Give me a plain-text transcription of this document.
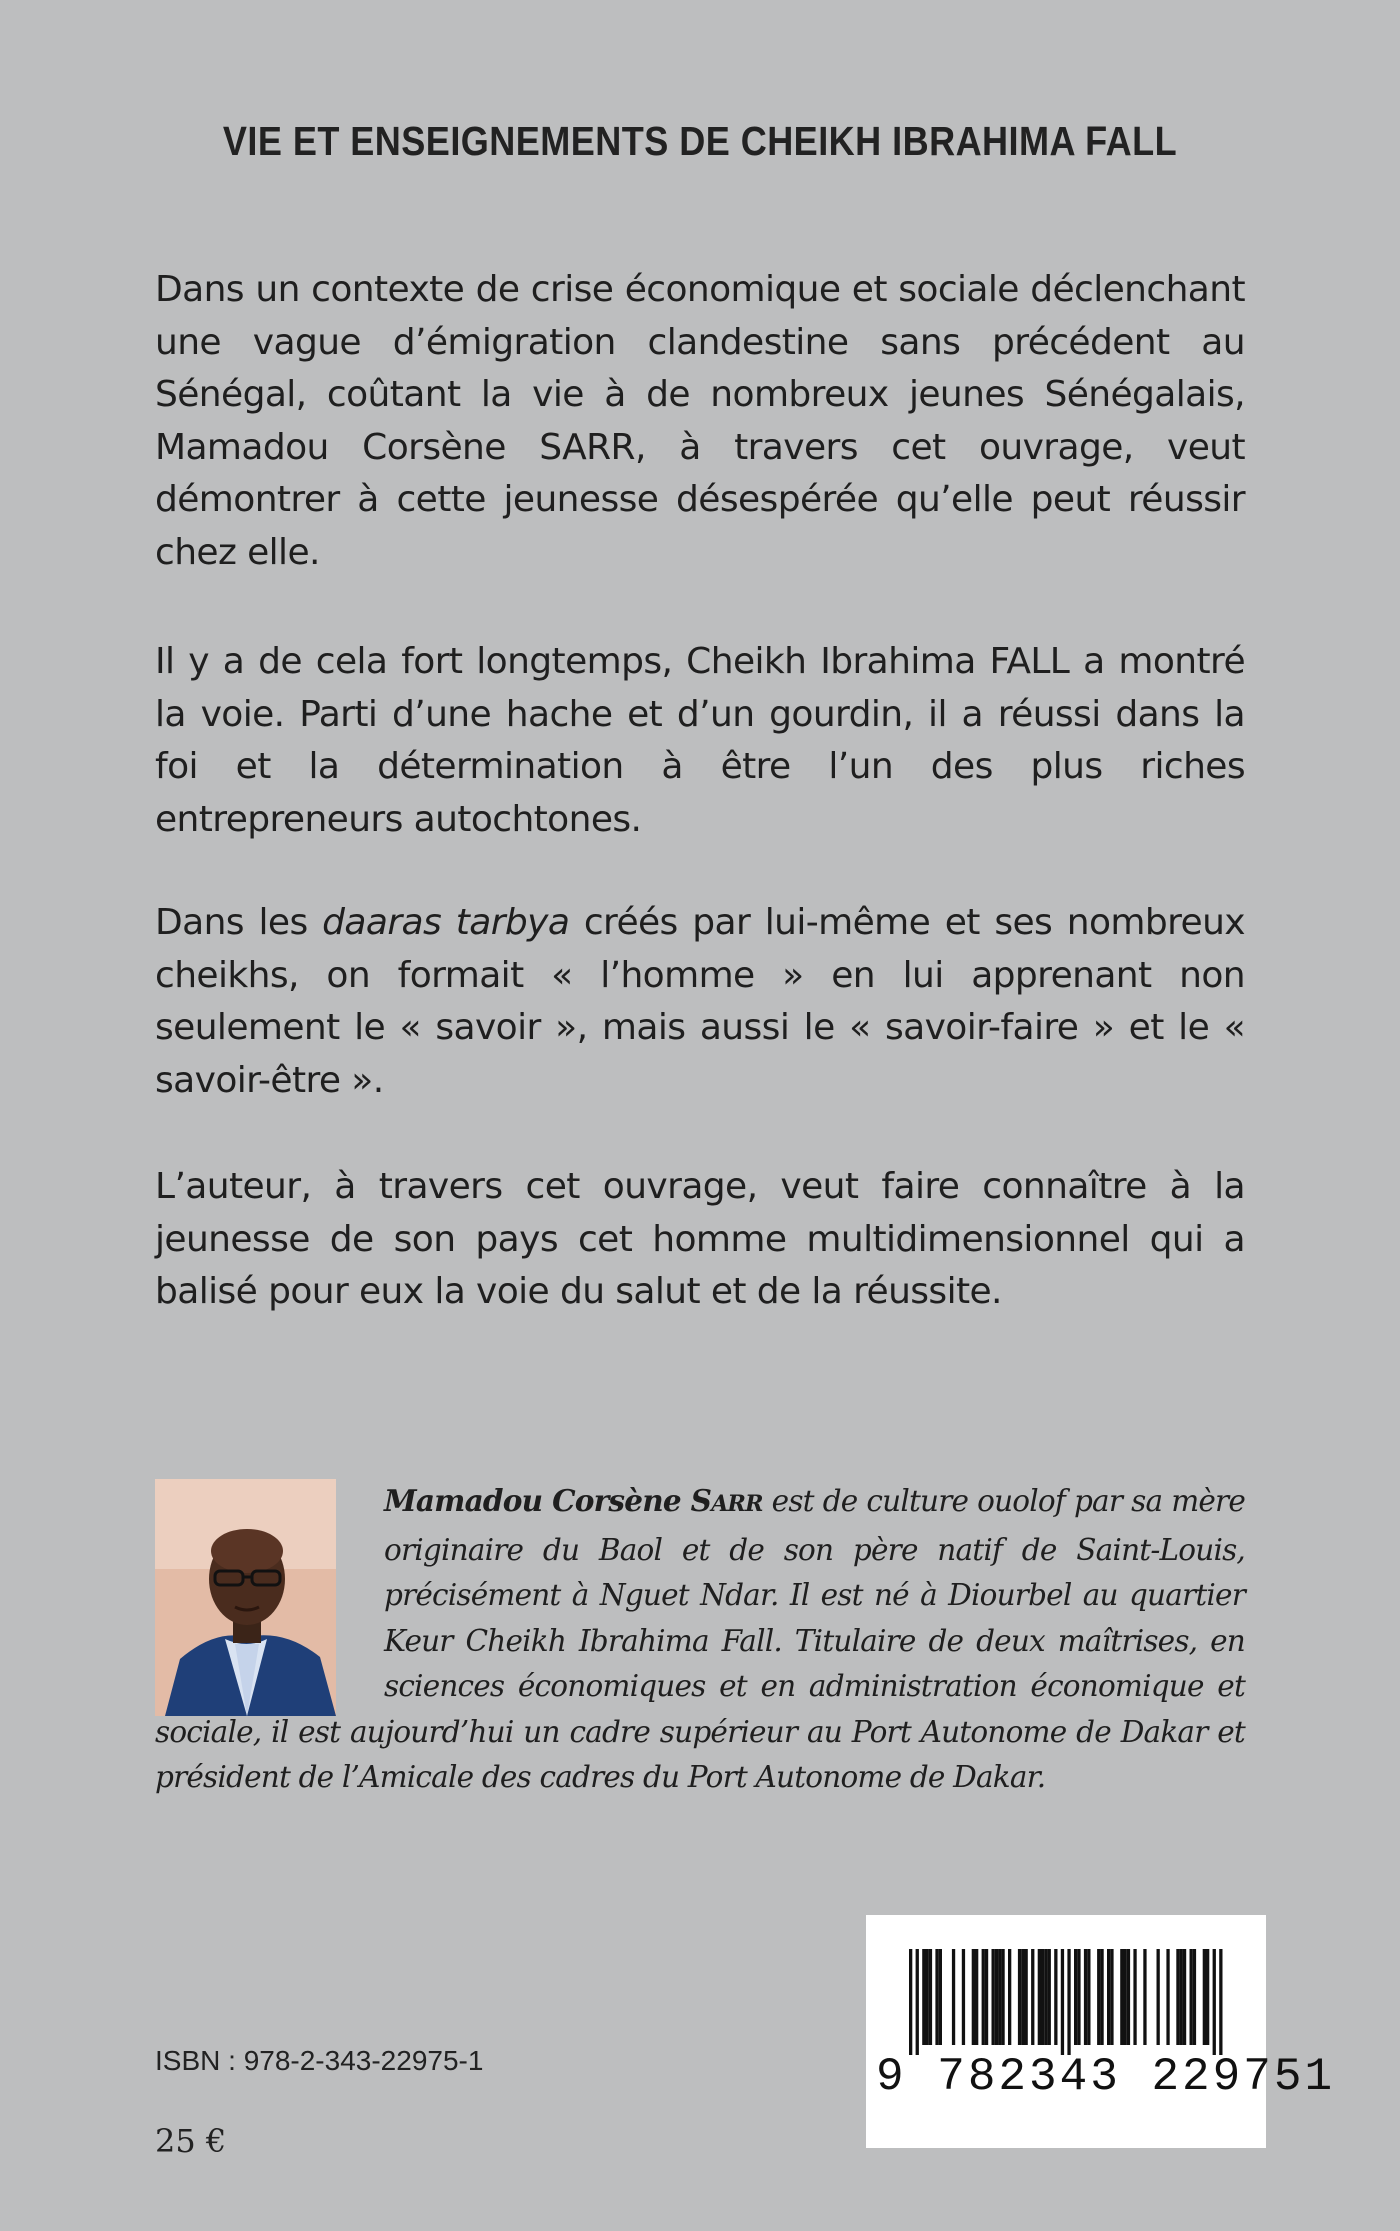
VIE ET ENSEIGNEMENTS DE CHEIKH IBRAHIMA FALL

Dans un contexte de crise économique et sociale déclenchant une vague d’émigration clandestine sans précédent au Sénégal, coûtant la vie à de nombreux jeunes Sénégalais, Mamadou Corsène SARR, à travers cet ouvrage, veut démontrer à cette jeunesse désespérée qu’elle peut réussir chez elle.

Il y a de cela fort longtemps, Cheikh Ibrahima FALL a montré la voie. Parti d’une hache et d’un gourdin, il a réussi dans la foi et la détermination à être l’un des plus riches entrepreneurs autochtones.

Dans les daaras tarbya créés par lui-même et ses nombreux cheikhs, on formait « l’homme » en lui apprenant non seulement le « savoir », mais aussi le « savoir-faire » et le « savoir-être ».

L’auteur, à travers cet ouvrage, veut faire connaître à la jeunesse de son pays cet homme multidimensionnel qui a balisé pour eux la voie du salut et de la réussite.

Mamadou Corsène SARR est de culture ouolof par sa mère originaire du Baol et de son père natif de Saint-Louis, précisément à Nguet Ndar. Il est né à Diourbel au quartier Keur Cheikh Ibrahima Fall. Titulaire de deux maîtrises, en sciences économiques et en administration économique et sociale, il est aujourd’hui un cadre supérieur au Port Autonome de Dakar et président de l’Amicale des cadres du Port Autonome de Dakar.

ISBN : 978-2-343-22975-1

25 €

9 782343 229751
